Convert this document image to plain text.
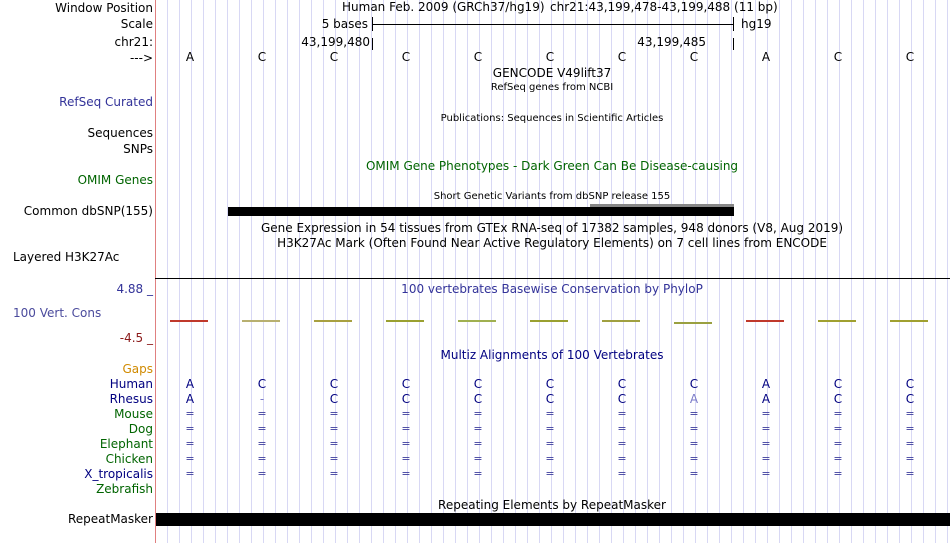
Window Position
Scale
chr21:
--->
Human Feb. 2009 (GRCh37/hg19) chr21:43,199,478-43,199,488 (11 bp)
5 bases	hg19
43,199,480	43,199,485
A	C	C	C	C	C	C	C	A	C	C
GENCODE V49lift37
RefSeq genes from NCBI
RefSeq Curated
Publications: Sequences in Scientific Articles
Sequences
SNPs
OMIM Gene Phenotypes - Dark Green Can Be Disease-causing
OMIM Genes
Short Genetic Variants from dbSNP release 155
Common dbSNP(155)
Gene Expression in 54 tissues from GTEx RNA-seq of 17382 samples, 948 donors (V8, Aug 2019)
H3K27Ac Mark (Often Found Near Active Regulatory Elements) on 7 cell lines from ENCODE
Layered H3K27Ac
100 vertebrates Basewise Conservation by PhyloP
4.88 _
100 Vert. Cons
-4.5 _
Multiz Alignments of 100 Vertebrates
Gaps
Human	A	C	C	C	C	C	C	C	A	C	C
Rhesus	A	-	C	C	C	C	C	A	A	C	C
Mouse	=	=	=	=	=	=	=	=	=	=	=
Dog	=	=	=	=	=	=	=	=	=	=	=
Elephant	=	=	=	=	=	=	=	=	=	=	=
Chicken	=	=	=	=	=	=	=	=	=	=	=
X_tropicalis	=	=	=	=	=	=	=	=	=	=	=
Zebrafish
Repeating Elements by RepeatMasker
RepeatMasker
